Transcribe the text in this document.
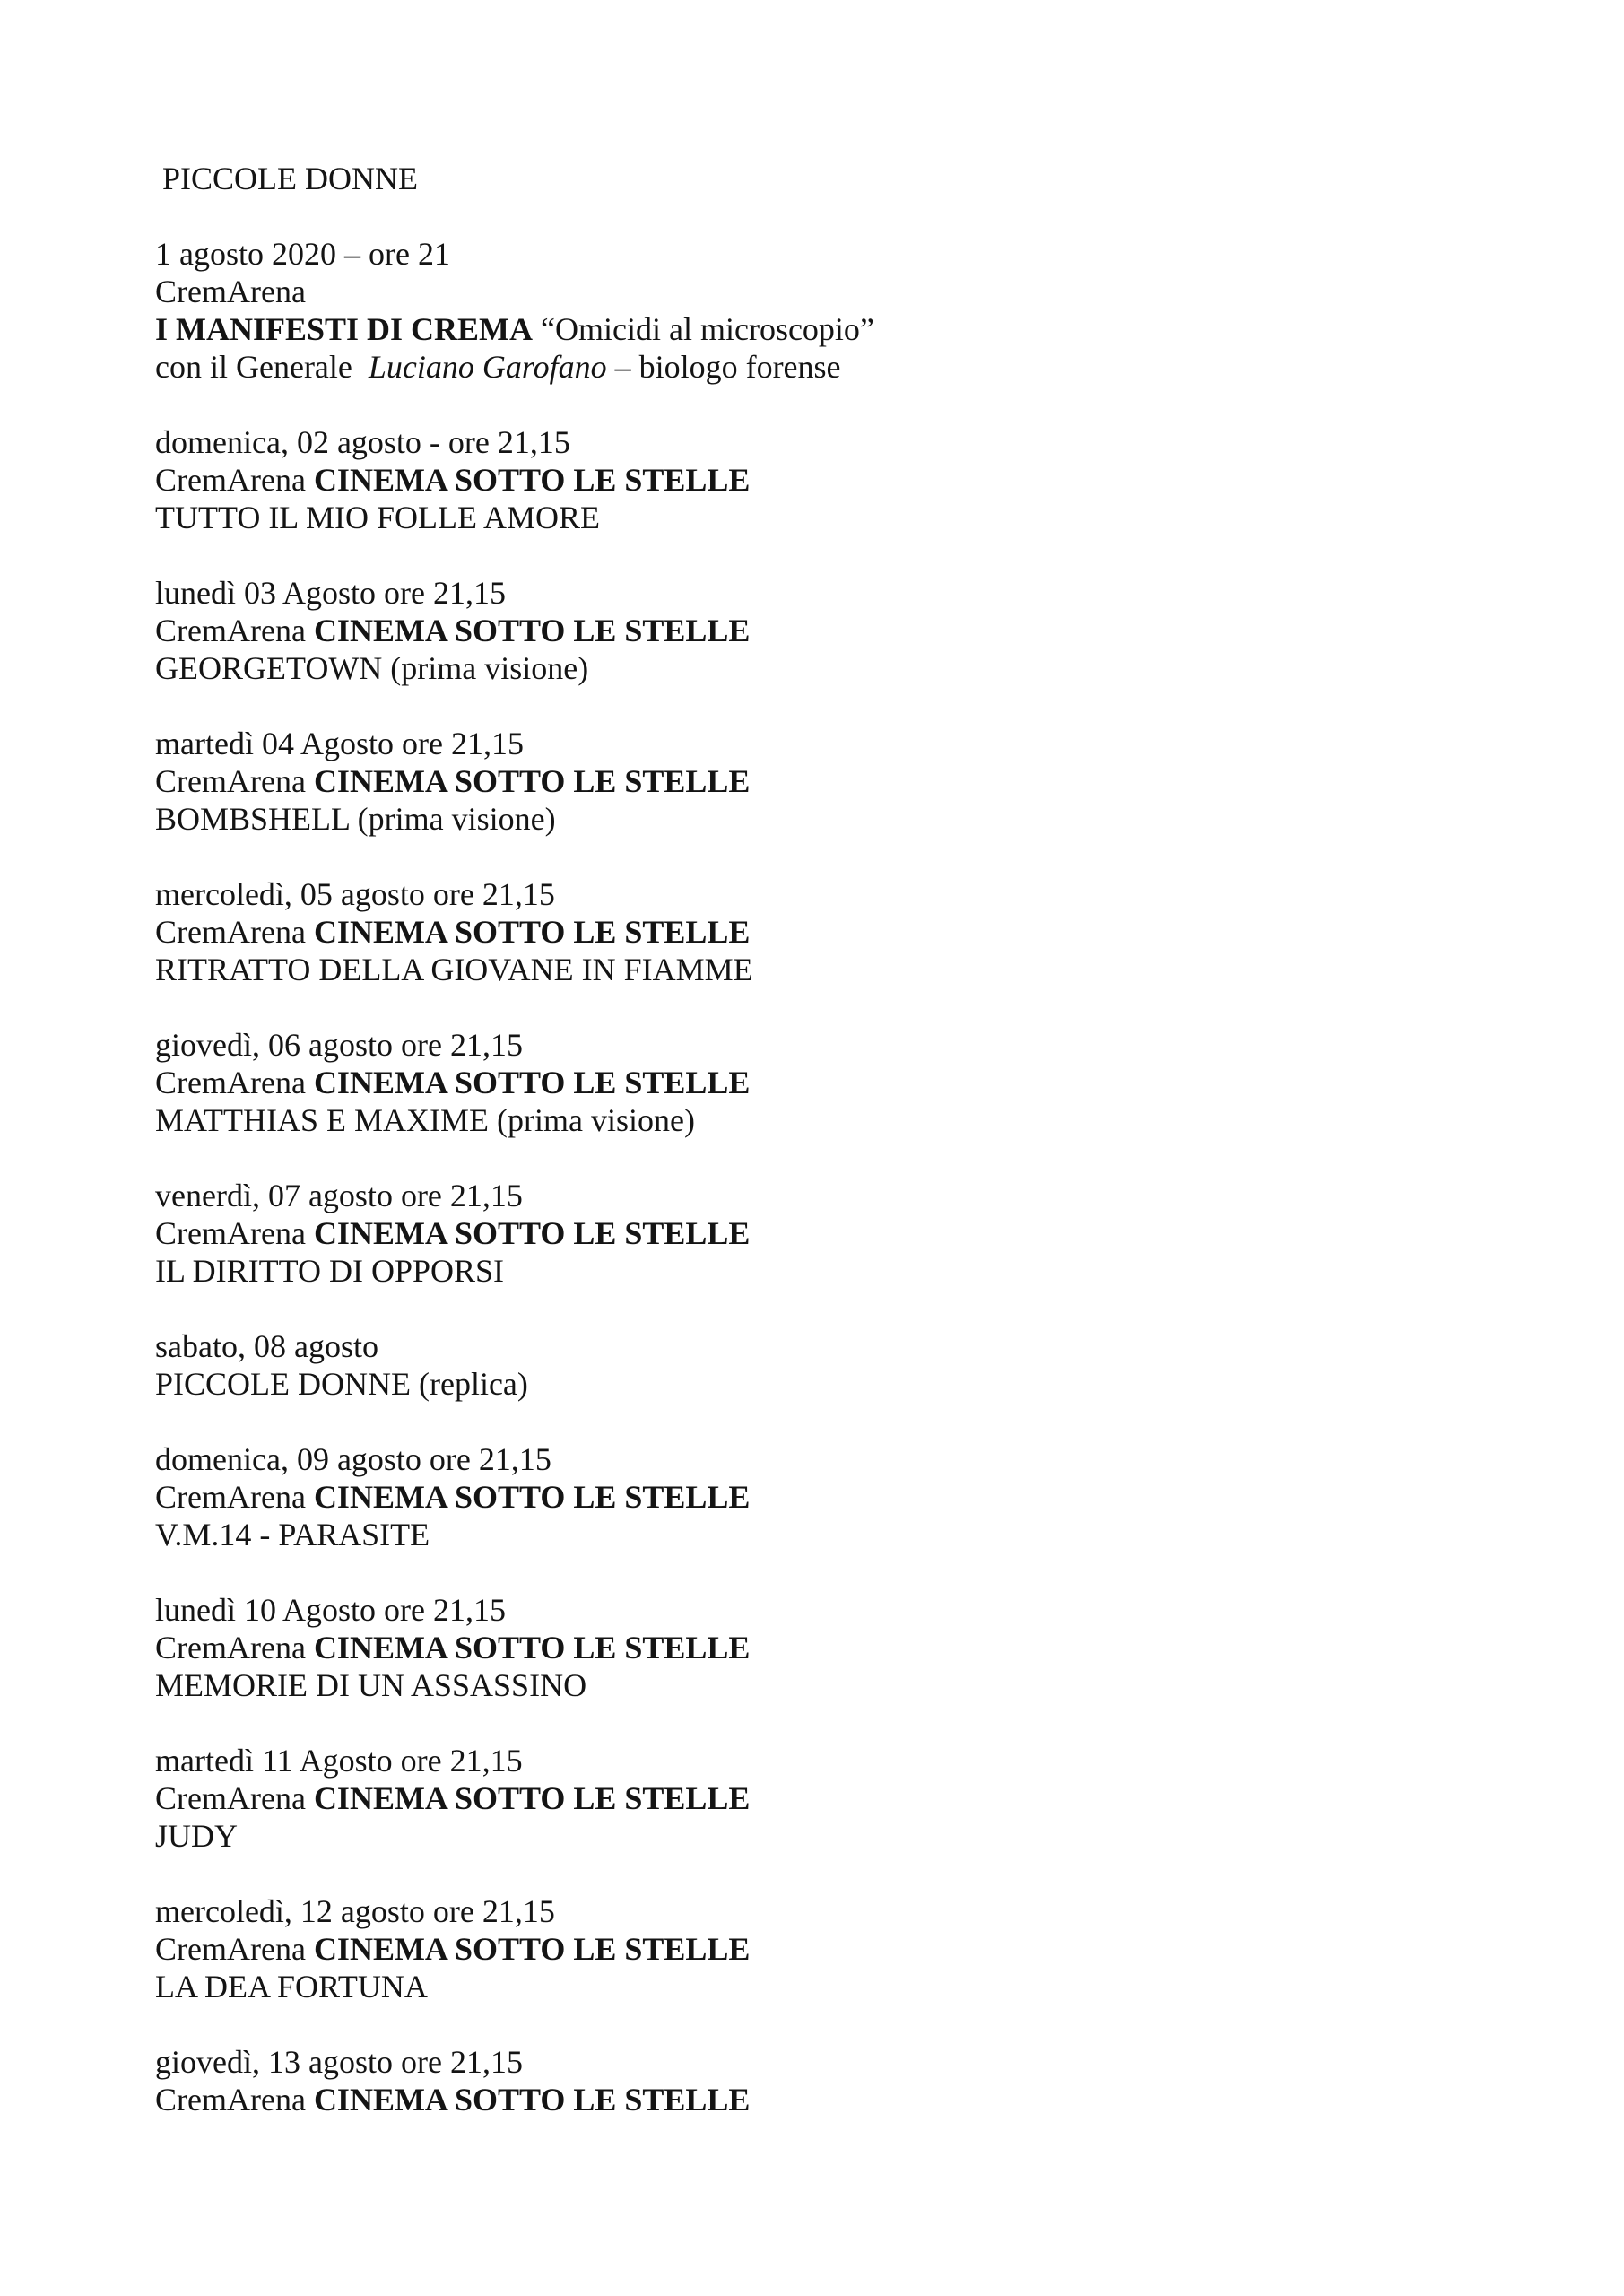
PICCOLE DONNE
1 agosto 2020 – ore 21
CremArena
I MANIFESTI DI CREMA “Omicidi al microscopio”
con il Generale  Luciano Garofano – biologo forense
domenica, 02 agosto - ore 21,15
CremArena CINEMA SOTTO LE STELLE
TUTTO IL MIO FOLLE AMORE
lunedì 03 Agosto ore 21,15
CremArena CINEMA SOTTO LE STELLE
GEORGETOWN (prima visione)
martedì 04 Agosto ore 21,15
CremArena CINEMA SOTTO LE STELLE
BOMBSHELL (prima visione)
mercoledì, 05 agosto ore 21,15
CremArena CINEMA SOTTO LE STELLE
RITRATTO DELLA GIOVANE IN FIAMME
giovedì, 06 agosto ore 21,15
CremArena CINEMA SOTTO LE STELLE
MATTHIAS E MAXIME (prima visione)
venerdì, 07 agosto ore 21,15
CremArena CINEMA SOTTO LE STELLE
IL DIRITTO DI OPPORSI
sabato, 08 agosto
PICCOLE DONNE (replica)
domenica, 09 agosto ore 21,15
CremArena CINEMA SOTTO LE STELLE
V.M.14 - PARASITE
lunedì 10 Agosto ore 21,15
CremArena CINEMA SOTTO LE STELLE
MEMORIE DI UN ASSASSINO
martedì 11 Agosto ore 21,15
CremArena CINEMA SOTTO LE STELLE
JUDY
mercoledì, 12 agosto ore 21,15
CremArena CINEMA SOTTO LE STELLE
LA DEA FORTUNA
giovedì, 13 agosto ore 21,15
CremArena CINEMA SOTTO LE STELLE
